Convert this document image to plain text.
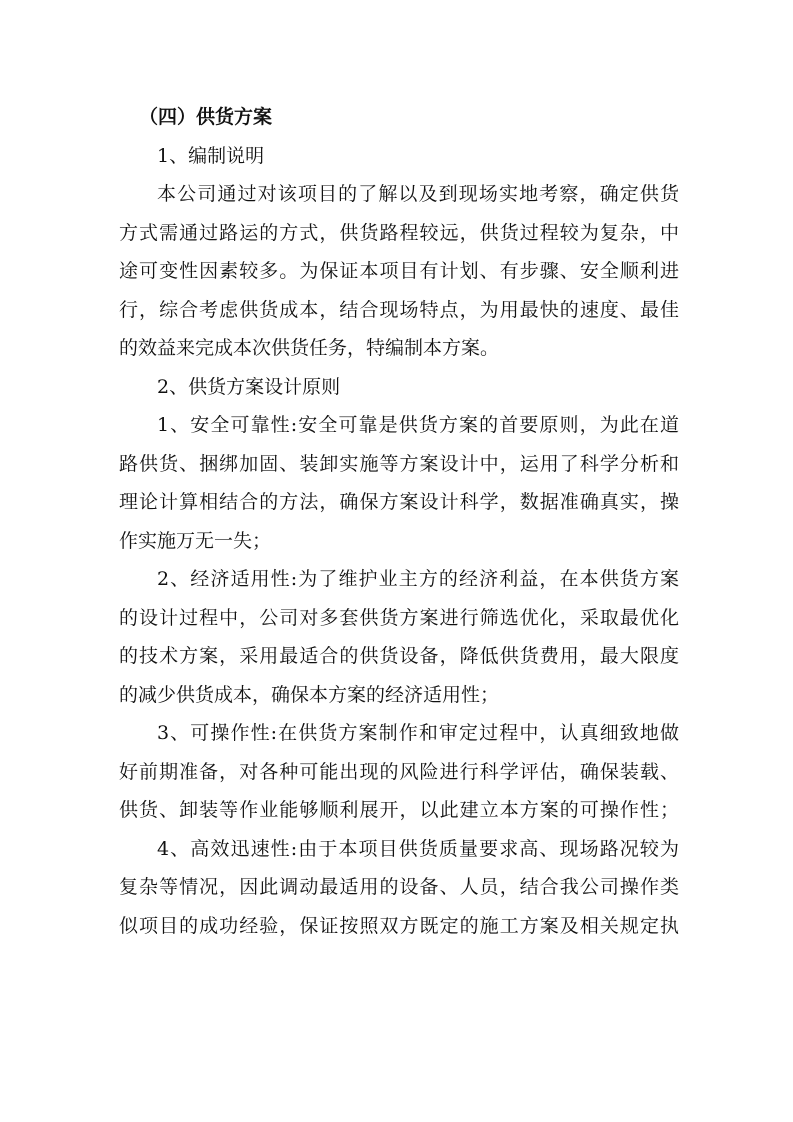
（四）供货方案
1、编制说明
本公司通过对该项目的了解以及到现场实地考察，确定供货
方式需通过路运的方式，供货路程较远，供货过程较为复杂，中
途可变性因素较多。为保证本项目有计划、有步骤、安全顺利进
行，综合考虑供货成本，结合现场特点，为用最快的速度、最佳
的效益来完成本次供货任务，特编制本方案。
2、供货方案设计原则
1、安全可靠性:安全可靠是供货方案的首要原则，为此在道
路供货、捆绑加固、装卸实施等方案设计中，运用了科学分析和
理论计算相结合的方法，确保方案设计科学，数据准确真实，操
作实施万无一失；
2、经济适用性:为了维护业主方的经济利益，在本供货方案
的设计过程中，公司对多套供货方案进行筛选优化，采取最优化
的技术方案，采用最适合的供货设备，降低供货费用，最大限度
的减少供货成本，确保本方案的经济适用性；
3、可操作性:在供货方案制作和审定过程中，认真细致地做
好前期准备，对各种可能出现的风险进行科学评估，确保装载、
供货、卸装等作业能够顺利展开，以此建立本方案的可操作性；
4、高效迅速性:由于本项目供货质量要求高、现场路况较为
复杂等情况，因此调动最适用的设备、人员，结合我公司操作类
似项目的成功经验，保证按照双方既定的施工方案及相关规定执
